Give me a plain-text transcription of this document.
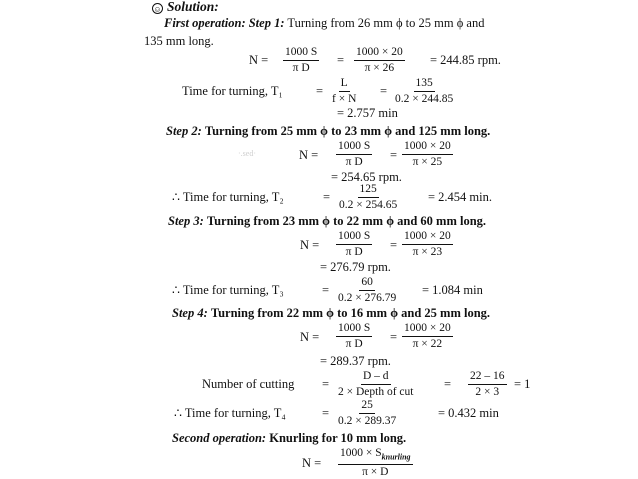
☺ Solution:
First operation: Step 1: Turning from 26 mm ϕ to 25 mm ϕ and
135 mm long.
$N = \frac{1000 S}{\text{π D}} = \frac{1000 \times 20}{\pi \times 26} = 244.85$ rpm.
Time for turning, T₁	= $\frac{L}{f \times N} = \frac{135}{0.2 \times 244.85}$
= 2.757 min
Step 2: Turning from 25 mm ϕ to 23 mm ϕ and 125 mm long.
·.sed·	$N = \frac{1000 S}{\text{π D}} = \frac{1000 \times 20}{\pi \times 25}$
= 254.65 rpm.
∴ Time for turning, T₂	= $\frac{125}{0.2 \times 254.65} = 2.454$ min.
Step 3: Turning from 23 mm ϕ to 22 mm ϕ and 60 mm long.
$N = \frac{1000 S}{\text{π D}} = \frac{1000 \times 20}{\pi \times 23}$
= 276.79 rpm.
∴ Time for turning, T₃	= $\frac{60}{0.2 \times 276.79} = 1.084$ min
Step 4: Turning from 22 mm ϕ to 16 mm ϕ and 25 mm long.
$N = \frac{1000 S}{\text{π D}} = \frac{1000 \times 20}{\pi \times 22}$
= 289.37 rpm.
Number of cutting =
D – d
2 × Depth of cut
= $\frac{22 - 16}{2 \times 3} = 1$
∴ Time for turning, T₄	= $\frac{25}{0.2 \times 289.37}$	= 0.432 min
Second operation: Knurling for 10 mm long.
N =
$1000 \times S_{knurling}$
π × D
